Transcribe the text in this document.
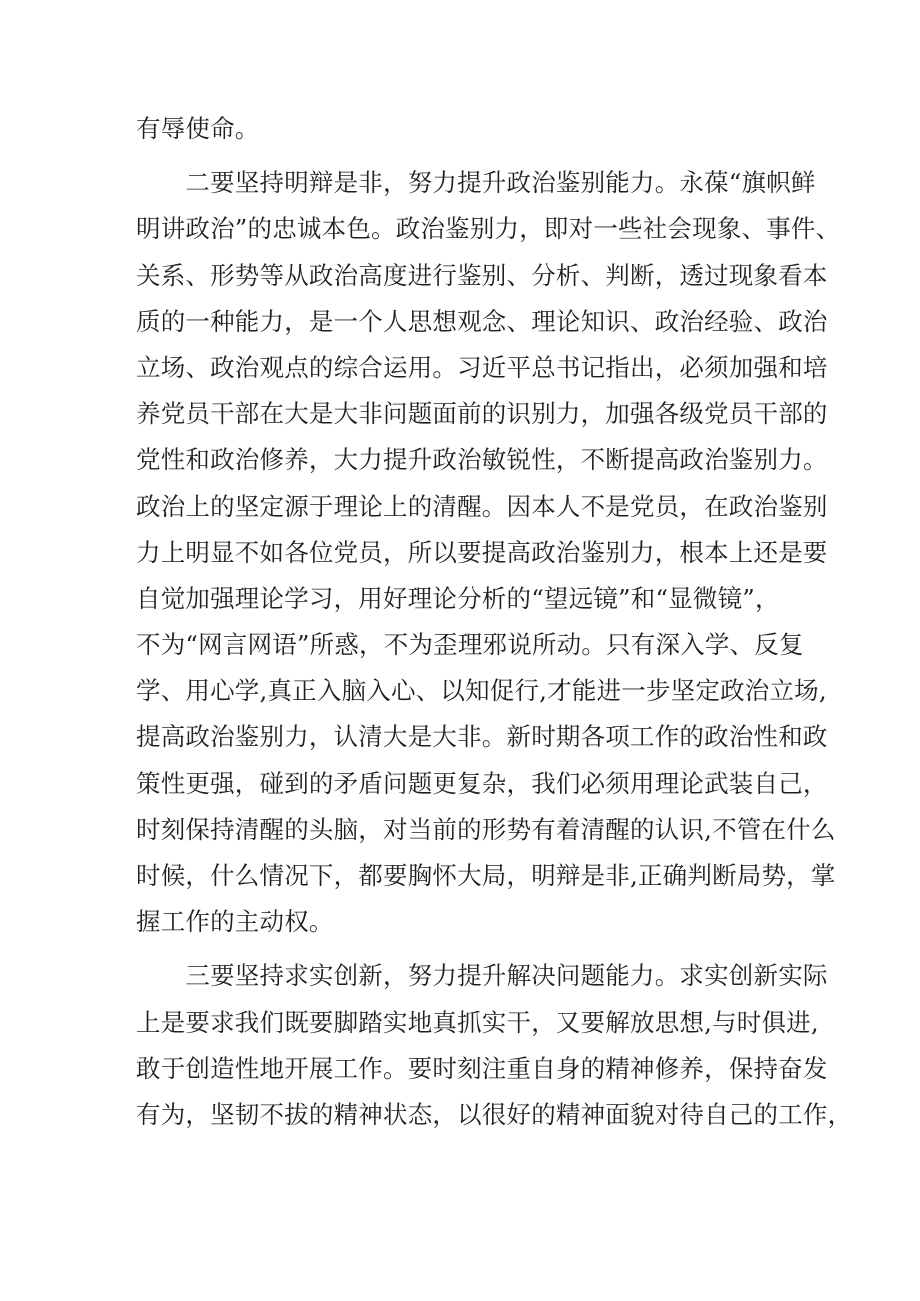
有辱使命。
　　二要坚持明辩是非，努力提升政治鉴别能力。永葆“旗帜鲜
明讲政治”的忠诚本色。政治鉴别力，即对一些社会现象、事件、
关系、形势等从政治高度进行鉴别、分析、判断，透过现象看本
质的一种能力，是一个人思想观念、理论知识、政治经验、政治
立场、政治观点的综合运用。习近平总书记指出，必须加强和培
养党员干部在大是大非问题面前的识别力，加强各级党员干部的
党性和政治修养，大力提升政治敏锐性，不断提高政治鉴别力。
政治上的坚定源于理论上的清醒。因本人不是党员，在政治鉴别
力上明显不如各位党员，所以要提高政治鉴别力，根本上还是要
自觉加强理论学习，用好理论分析的“望远镜”和“显微镜”，
不为“网言网语”所惑，不为歪理邪说所动。只有深入学、反复
学、用心学,真正入脑入心、以知促行,才能进一步坚定政治立场,
提高政治鉴别力，认清大是大非。新时期各项工作的政治性和政
策性更强，碰到的矛盾问题更复杂，我们必须用理论武装自己，
时刻保持清醒的头脑，对当前的形势有着清醒的认识,不管在什么
时候，什么情况下，都要胸怀大局，明辩是非,正确判断局势，掌
握工作的主动权。
　　三要坚持求实创新，努力提升解决问题能力。求实创新实际
上是要求我们既要脚踏实地真抓实干，又要解放思想,与时俱进,
敢于创造性地开展工作。要时刻注重自身的精神修养，保持奋发
有为，坚韧不拔的精神状态，以很好的精神面貌对待自己的工作，
